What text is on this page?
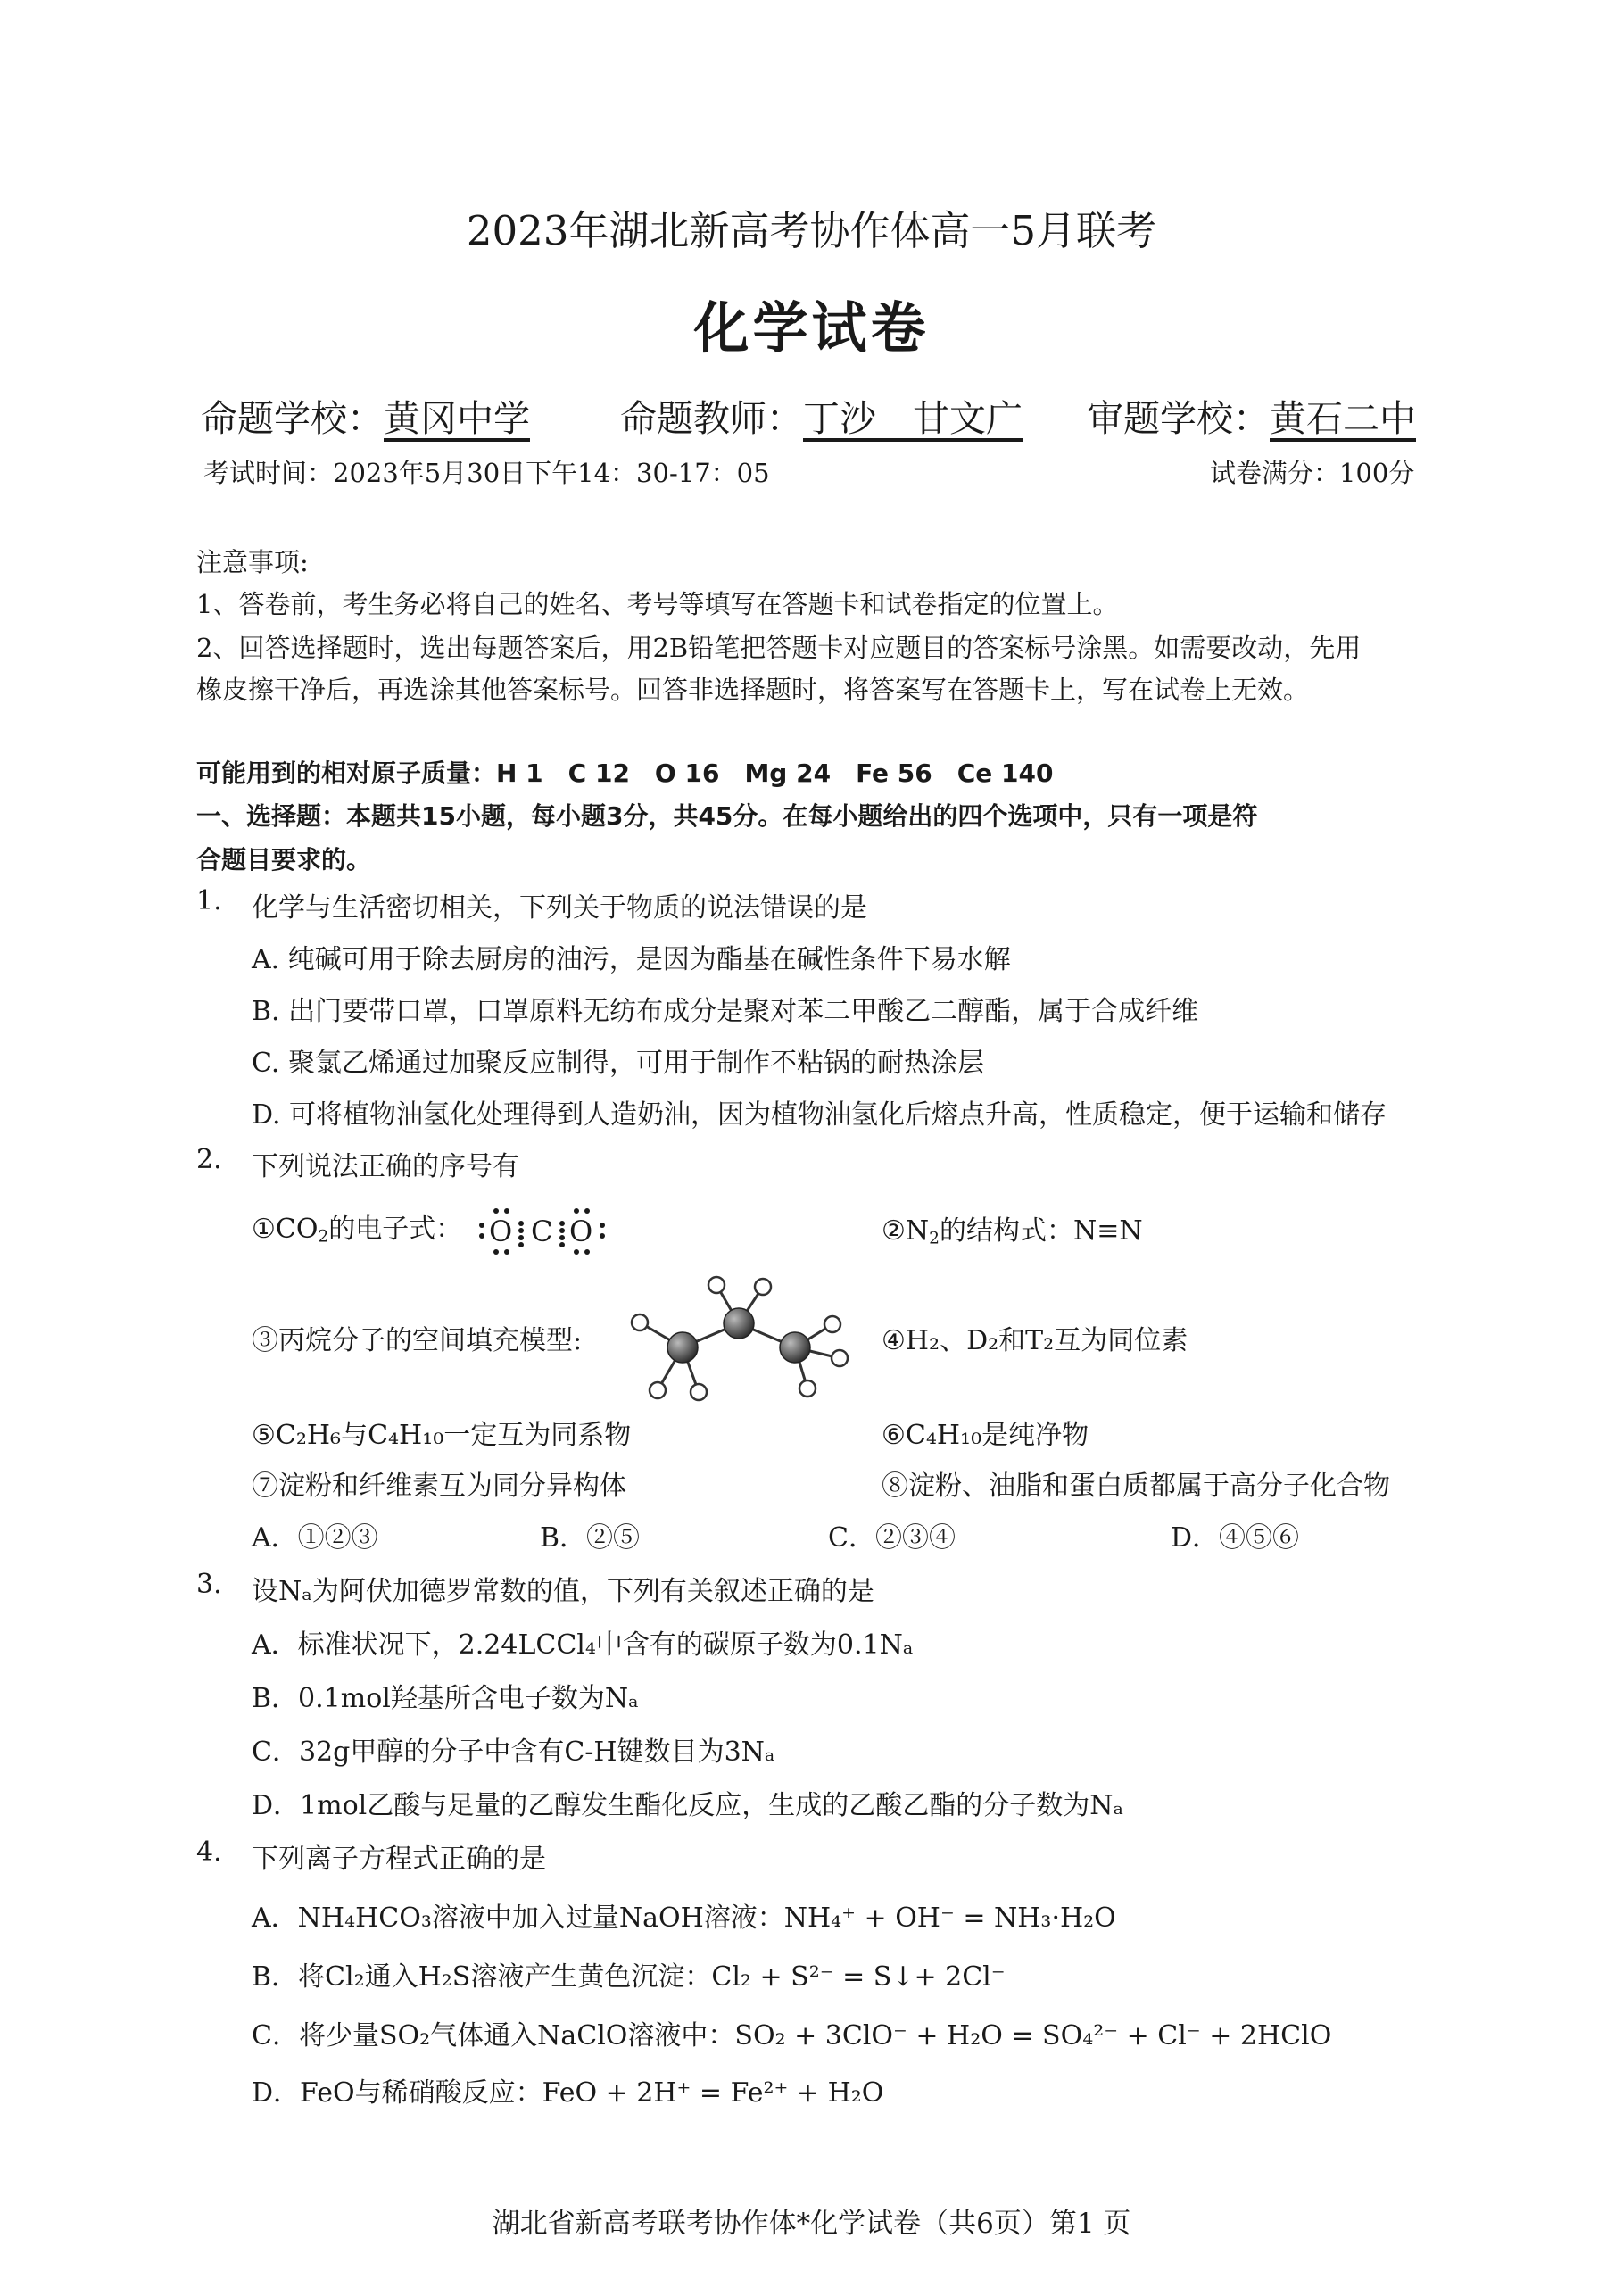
2023年湖北新高考协作体高一5月联考
化学试卷
命题学校：黄冈中学 命题教师：丁沙　甘文广 审题学校：黄石二中
考试时间：2023年5月30日下午14：30-17：05	试卷满分：100分
注意事项:
1、答卷前，考生务必将自己的姓名、考号等填写在答题卡和试卷指定的位置上。
2、回答选择题时，选出每题答案后，用2B铅笔把答题卡对应题目的答案标号涂黑。如需要改动，先用
橡皮擦干净后，再选涂其他答案标号。回答非选择题时，将答案写在答题卡上，写在试卷上无效。
可能用到的相对原子质量：H 1　C 12　O 16　Mg 24　Fe 56　Ce 140
一、选择题：本题共15小题，每小题3分，共45分。在每小题给出的四个选项中，只有一项是符
合题目要求的。
1. 化学与生活密切相关，下列关于物质的说法错误的是
A. 纯碱可用于除去厨房的油污，是因为酯基在碱性条件下易水解
B. 出门要带口罩，口罩原料无纺布成分是聚对苯二甲酸乙二醇酯，属于合成纤维
C. 聚氯乙烯通过加聚反应制得，可用于制作不粘锅的耐热涂层
D. 可将植物油氢化处理得到人造奶油，因为植物油氢化后熔点升高，性质稳定，便于运输和储存
2. 下列说法正确的序号有
$①CO_2$的电子式： O C O	$②N_2$的结构式：N≡N
③丙烷分子的空间填充模型:	④H₂、D₂和T₂互为同位素
⑤C₂H₆与C₄H₁₀一定互为同系物	⑥C₄H₁₀是纯净物
⑦淀粉和纤维素互为同分异构体	⑧淀粉、油脂和蛋白质都属于高分子化合物
A．①②③	B．②⑤	C．②③④	D．④⑤⑥
3. 设Nₐ为阿伏加德罗常数的值，下列有关叙述正确的是
A．标准状况下，2.24LCCl₄中含有的碳原子数为0.1Nₐ
B．0.1mol羟基所含电子数为Nₐ
C．32g甲醇的分子中含有C-H键数目为3Nₐ
D．1mol乙酸与足量的乙醇发生酯化反应，生成的乙酸乙酯的分子数为Nₐ
4. 下列离子方程式正确的是
A．NH₄HCO₃溶液中加入过量NaOH溶液：NH₄⁺ + OH⁻ = NH₃·H₂O
B．将Cl₂通入H₂S溶液产生黄色沉淀：Cl₂ + S²⁻ = S↓+ 2Cl⁻
C．将少量SO₂气体通入NaClO溶液中：SO₂ + 3ClO⁻ + H₂O = SO₄²⁻ + Cl⁻ + 2HClO
D．FeO与稀硝酸反应：FeO + 2H⁺ = Fe²⁺ + H₂O
湖北省新高考联考协作体*化学试卷（共6页）第1 页
